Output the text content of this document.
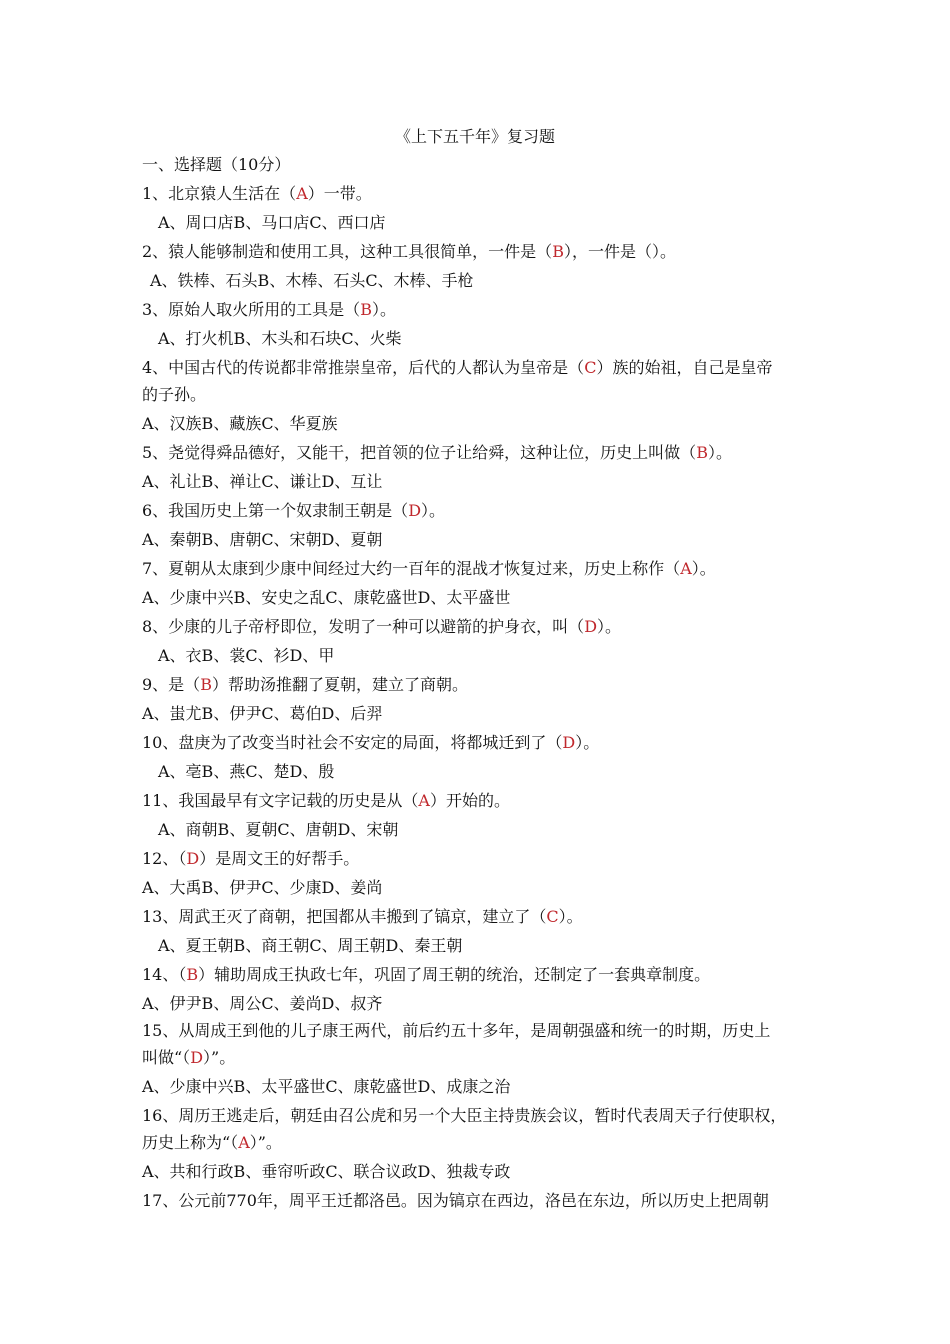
《上下五千年》复习题
一、选择题（10分）
1、北京猿人生活在（A）一带。
A、周口店B、马口店C、西口店
2、猿人能够制造和使用工具，这种工具很简单，一件是（B），一件是（）。
A、铁棒、石头B、木棒、石头C、木棒、手枪
3、原始人取火所用的工具是（B）。
A、打火机B、木头和石块C、火柴
4、中国古代的传说都非常推崇皇帝，后代的人都认为皇帝是（C）族的始祖，自己是皇帝
的子孙。
A、汉族B、藏族C、华夏族
5、尧觉得舜品德好，又能干，把首领的位子让给舜，这种让位，历史上叫做（B）。
A、礼让B、禅让C、谦让D、互让
6、我国历史上第一个奴隶制王朝是（D）。
A、秦朝B、唐朝C、宋朝D、夏朝
7、夏朝从太康到少康中间经过大约一百年的混战才恢复过来，历史上称作（A）。
A、少康中兴B、安史之乱C、康乾盛世D、太平盛世
8、少康的儿子帝杼即位，发明了一种可以避箭的护身衣，叫（D）。
A、衣B、裳C、衫D、甲
9、是（B）帮助汤推翻了夏朝，建立了商朝。
A、蚩尤B、伊尹C、葛伯D、后羿
10、盘庚为了改变当时社会不安定的局面，将都城迁到了（D）。
A、亳B、燕C、楚D、殷
11、我国最早有文字记载的历史是从（A）开始的。
A、商朝B、夏朝C、唐朝D、宋朝
12、（D）是周文王的好帮手。
A、大禹B、伊尹C、少康D、姜尚
13、周武王灭了商朝，把国都从丰搬到了镐京，建立了（C）。
A、夏王朝B、商王朝C、周王朝D、秦王朝
14、（B）辅助周成王执政七年，巩固了周王朝的统治，还制定了一套典章制度。
A、伊尹B、周公C、姜尚D、叔齐
15、从周成王到他的儿子康王两代，前后约五十多年，是周朝强盛和统一的时期，历史上
叫做“（D）”。
A、少康中兴B、太平盛世C、康乾盛世D、成康之治
16、周历王逃走后，朝廷由召公虎和另一个大臣主持贵族会议，暂时代表周天子行使职权，
历史上称为“（A）”。
A、共和行政B、垂帘听政C、联合议政D、独裁专政
17、公元前770年，周平王迁都洛邑。因为镐京在西边，洛邑在东边，所以历史上把周朝
